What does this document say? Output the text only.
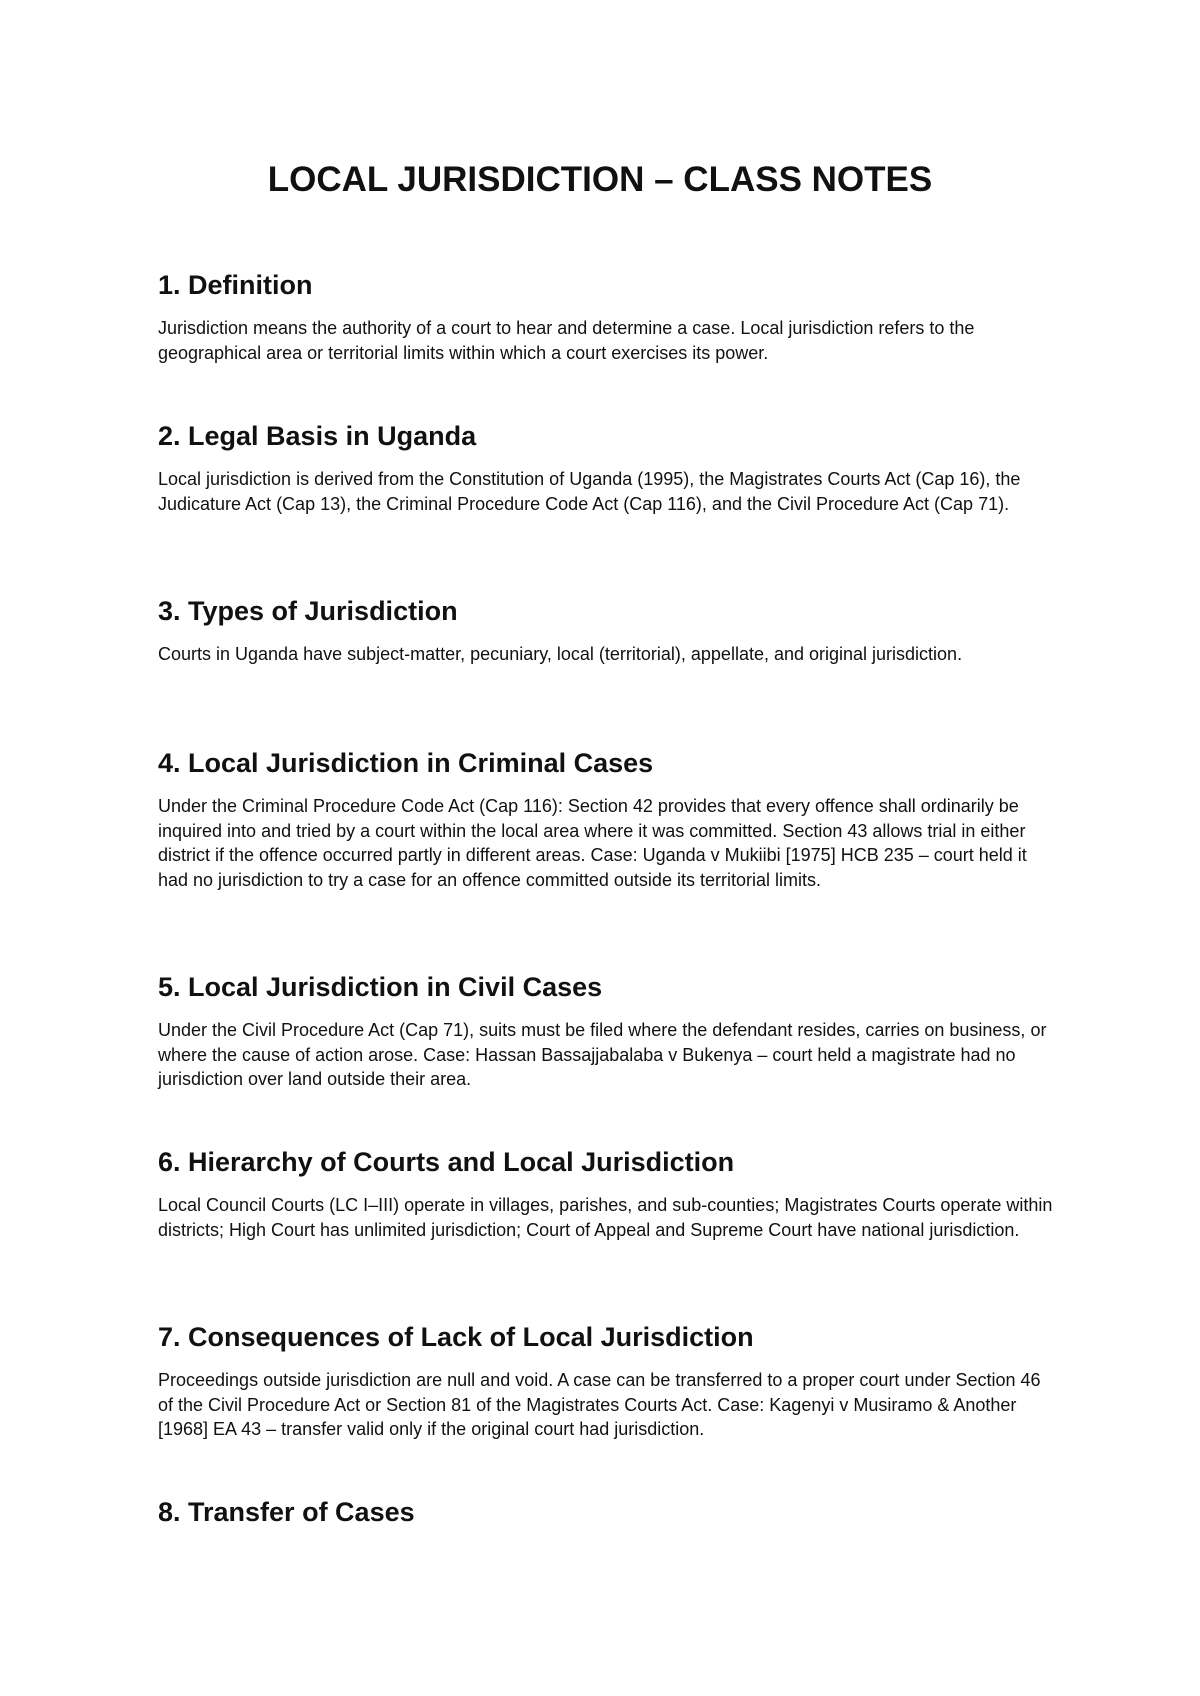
LOCAL JURISDICTION – CLASS NOTES
1. Definition

Jurisdiction means the authority of a court to hear and determine a case. Local jurisdiction refers to the geographical area or territorial limits within which a court exercises its power.

2. Legal Basis in Uganda

Local jurisdiction is derived from the Constitution of Uganda (1995), the Magistrates Courts Act (Cap 16), the Judicature Act (Cap 13), the Criminal Procedure Code Act (Cap 116), and the Civil Procedure Act (Cap 71).

3. Types of Jurisdiction

Courts in Uganda have subject-matter, pecuniary, local (territorial), appellate, and original jurisdiction.

4. Local Jurisdiction in Criminal Cases

Under the Criminal Procedure Code Act (Cap 116): Section 42 provides that every offence shall ordinarily be inquired into and tried by a court within the local area where it was committed. Section 43 allows trial in either district if the offence occurred partly in different areas. Case: Uganda v Mukiibi [1975] HCB 235 – court held it had no jurisdiction to try a case for an offence committed outside its territorial limits.

5. Local Jurisdiction in Civil Cases

Under the Civil Procedure Act (Cap 71), suits must be filed where the defendant resides, carries on business, or where the cause of action arose. Case: Hassan Bassajjabalaba v Bukenya – court held a magistrate had no jurisdiction over land outside their area.

6. Hierarchy of Courts and Local Jurisdiction

Local Council Courts (LC I–III) operate in villages, parishes, and sub-counties; Magistrates Courts operate within districts; High Court has unlimited jurisdiction; Court of Appeal and Supreme Court have national jurisdiction.

7. Consequences of Lack of Local Jurisdiction

Proceedings outside jurisdiction are null and void. A case can be transferred to a proper court under Section 46 of the Civil Procedure Act or Section 81 of the Magistrates Courts Act. Case: Kagenyi v Musiramo & Another [1968] EA 43 – transfer valid only if the original court had jurisdiction.

8. Transfer of Cases
